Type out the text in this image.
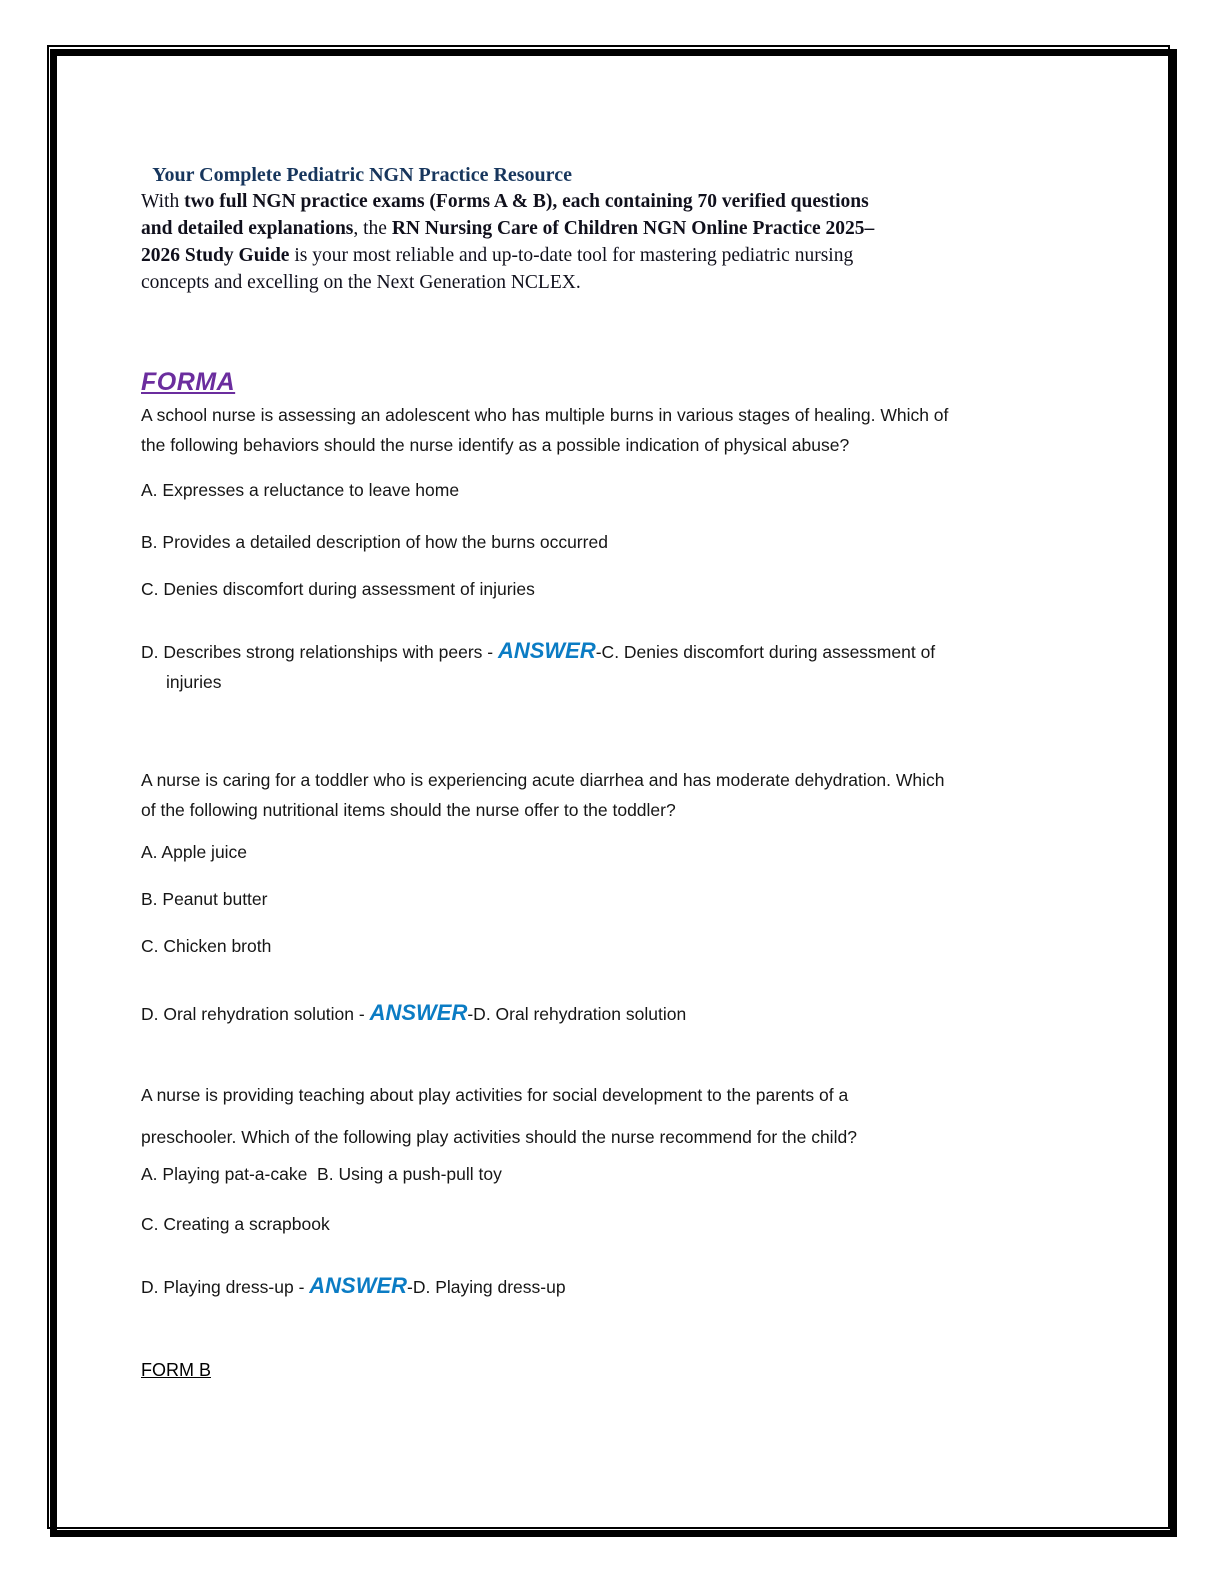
Your Complete Pediatric NGN Practice Resource

With two full NGN practice exams (Forms A & B), each containing 70 verified questions
and detailed explanations, the RN Nursing Care of Children NGN Online Practice 2025–
2026 Study Guide is your most reliable and up-to-date tool for mastering pediatric nursing
concepts and excelling on the Next Generation NCLEX.

FORMA
A school nurse is assessing an adolescent who has multiple burns in various stages of healing. Which of
the following behaviors should the nurse identify as a possible indication of physical abuse?
A. Expresses a reluctance to leave home
B. Provides a detailed description of how the burns occurred
C. Denies discomfort during assessment of injuries
D. Describes strong relationships with peers - ANSWER-C. Denies discomfort during assessment of
injuries
A nurse is caring for a toddler who is experiencing acute diarrhea and has moderate dehydration. Which
of the following nutritional items should the nurse offer to the toddler?
A. Apple juice
B. Peanut butter
C. Chicken broth
D. Oral rehydration solution - ANSWER-D. Oral rehydration solution
A nurse is providing teaching about play activities for social development to the parents of a
preschooler. Which of the following play activities should the nurse recommend for the child?
A. Playing pat-a-cake  B. Using a push-pull toy
C. Creating a scrapbook
D. Playing dress-up - ANSWER-D. Playing dress-up
FORM B
